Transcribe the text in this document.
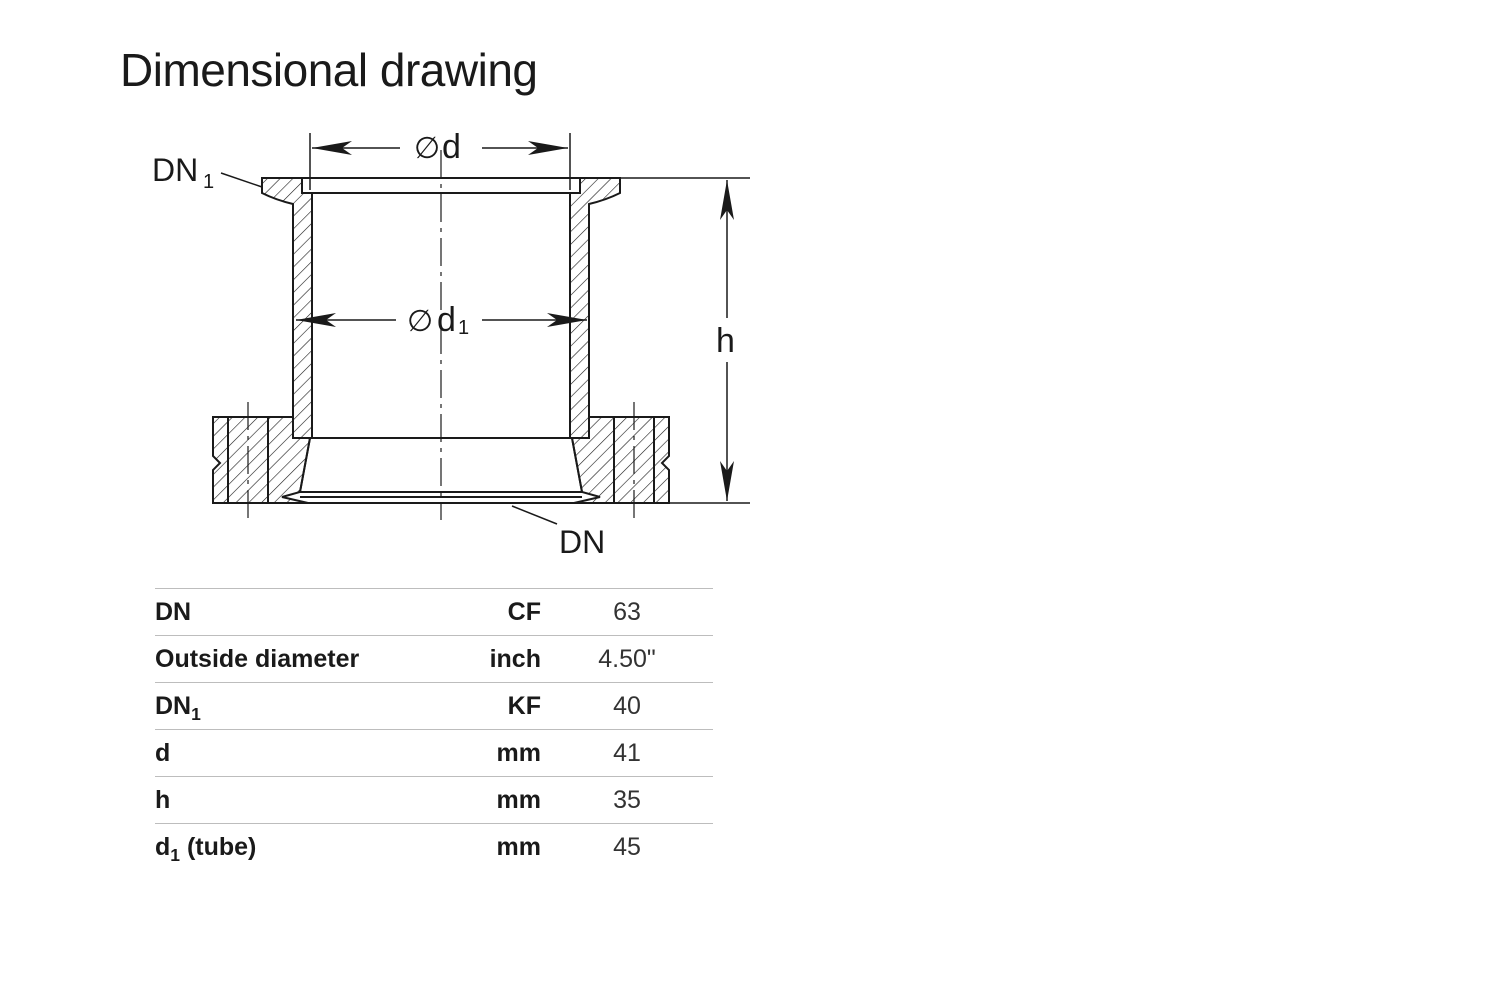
Dimensional drawing
∅ d
∅ d 1	h
DN 1
DN
DN	CF	63
Outside diameter	inch	4.50"
$DN_1$	KF	40
d	mm	41
h	mm	35
$d_1$ (tube)	mm	45
